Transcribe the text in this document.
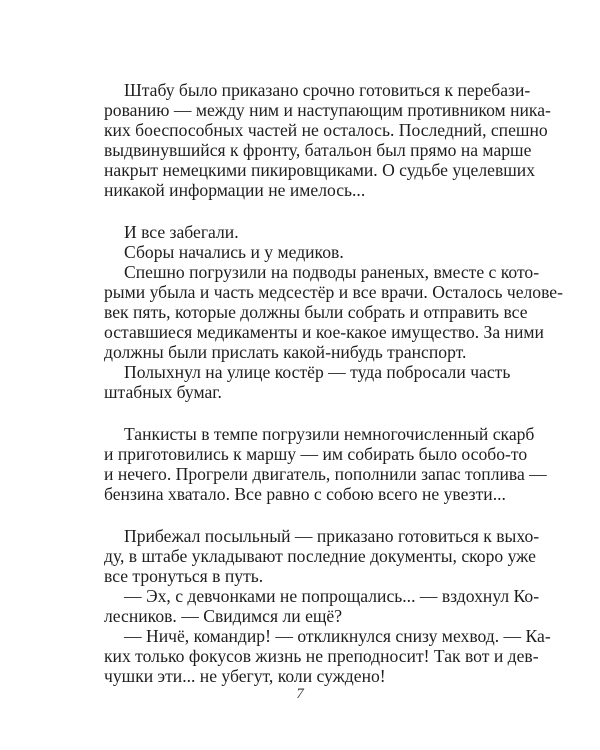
Штабу было приказано срочно готовиться к перебази-
рованию — между ним и наступающим противником ника-
ких боеспособных частей не осталось. Последний, спешно
выдвинувшийся к фронту, батальон был прямо на марше
накрыт немецкими пикировщиками. О судьбе уцелевших
никакой информации не имелось...
И все забегали.
Сборы начались и у медиков.
Спешно погрузили на подводы раненых, вместе с кото-
рыми убыла и часть медсестёр и все врачи. Осталось челове-
век пять, которые должны были собрать и отправить все
оставшиеся медикаменты и кое-какое имущество. За ними
должны были прислать какой-нибудь транспорт.
Полыхнул на улице костёр — туда побросали часть
штабных бумаг.
Танкисты в темпе погрузили немногочисленный скарб
и приготовились к маршу — им собирать было особо-то
и нечего. Прогрели двигатель, пополнили запас топлива —
бензина хватало. Все равно с собою всего не увезти...
Прибежал посыльный — приказано готовиться к выхо-
ду, в штабе укладывают последние документы, скоро уже
все тронуться в путь.
— Эх, с девчонками не попрощались... — вздохнул Ко-
лесников. — Свидимся ли ещё?
— Ничё, командир! — откликнулся снизу мехвод. — Ка-
ких только фокусов жизнь не преподносит! Так вот и дев-
чушки эти... не убегут, коли суждено!
7
